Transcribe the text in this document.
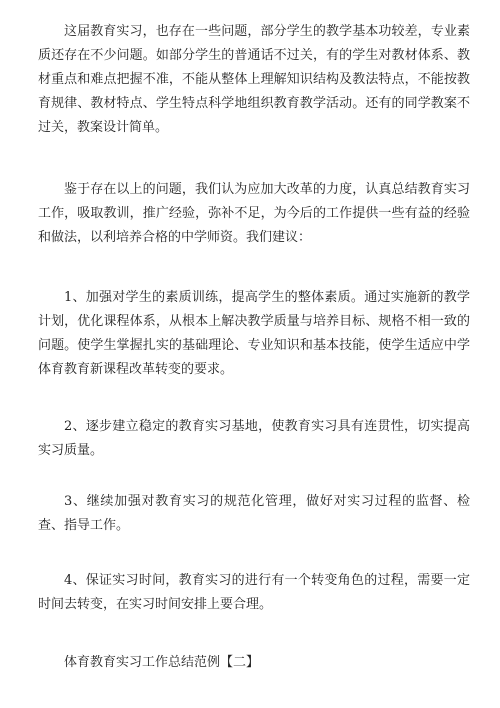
这届教育实习，也存在一些问题，部分学生的教学基本功较差，专业素质还存在不少问题。如部分学生的普通话不过关，有的学生对教材体系、教材重点和难点把握不准，不能从整体上理解知识结构及教法特点，不能按教育规律、教材特点、学生特点科学地组织教育教学活动。还有的同学教案不过关，教案设计简单。

鉴于存在以上的问题，我们认为应加大改革的力度，认真总结教育实习工作，吸取教训，推广经验，弥补不足，为今后的工作提供一些有益的经验和做法，以利培养合格的中学师资。我们建议：

1、加强对学生的素质训练，提高学生的整体素质。通过实施新的教学计划，优化课程体系，从根本上解决教学质量与培养目标、规格不相一致的问题。使学生掌握扎实的基础理论、专业知识和基本技能，使学生适应中学体育教育新课程改革转变的要求。

2、逐步建立稳定的教育实习基地，使教育实习具有连贯性，切实提高实习质量。

3、继续加强对教育实习的规范化管理，做好对实习过程的监督、检查、指导工作。

4、保证实习时间，教育实习的进行有一个转变角色的过程，需要一定时间去转变，在实习时间安排上要合理。

体育教育实习工作总结范例【二】
